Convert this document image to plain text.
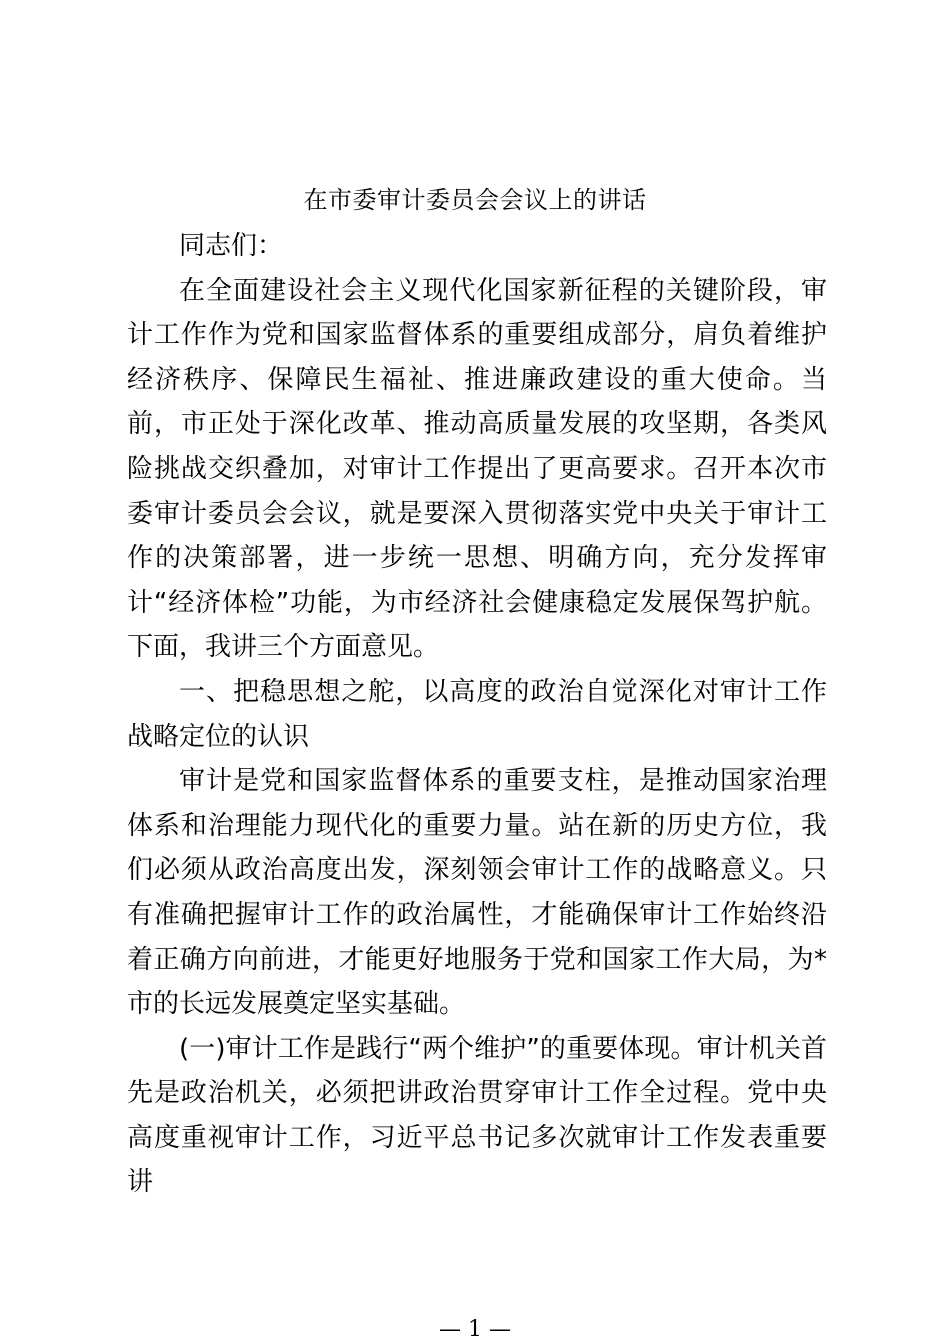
在市委审计委员会会议上的讲话

同志们：

在全面建设社会主义现代化国家新征程的关键阶段，审计工作作为党和国家监督体系的重要组成部分，肩负着维护经济秩序、保障民生福祉、推进廉政建设的重大使命。当前，市正处于深化改革、推动高质量发展的攻坚期，各类风险挑战交织叠加，对审计工作提出了更高要求。召开本次市委审计委员会会议，就是要深入贯彻落实党中央关于审计工作的决策部署，进一步统一思想、明确方向，充分发挥审计“经济体检”功能，为市经济社会健康稳定发展保驾护航。下面，我讲三个方面意见。

一、把稳思想之舵，以高度的政治自觉深化对审计工作战略定位的认识

审计是党和国家监督体系的重要支柱，是推动国家治理体系和治理能力现代化的重要力量。站在新的历史方位，我们必须从政治高度出发，深刻领会审计工作的战略意义。只有准确把握审计工作的政治属性，才能确保审计工作始终沿着正确方向前进，才能更好地服务于党和国家工作大局，为*市的长远发展奠定坚实基础。

(一)审计工作是践行“两个维护”的重要体现。审计机关首先是政治机关，必须把讲政治贯穿审计工作全过程。党中央高度重视审计工作，习近平总书记多次就审计工作发表重要讲

— 1 —
